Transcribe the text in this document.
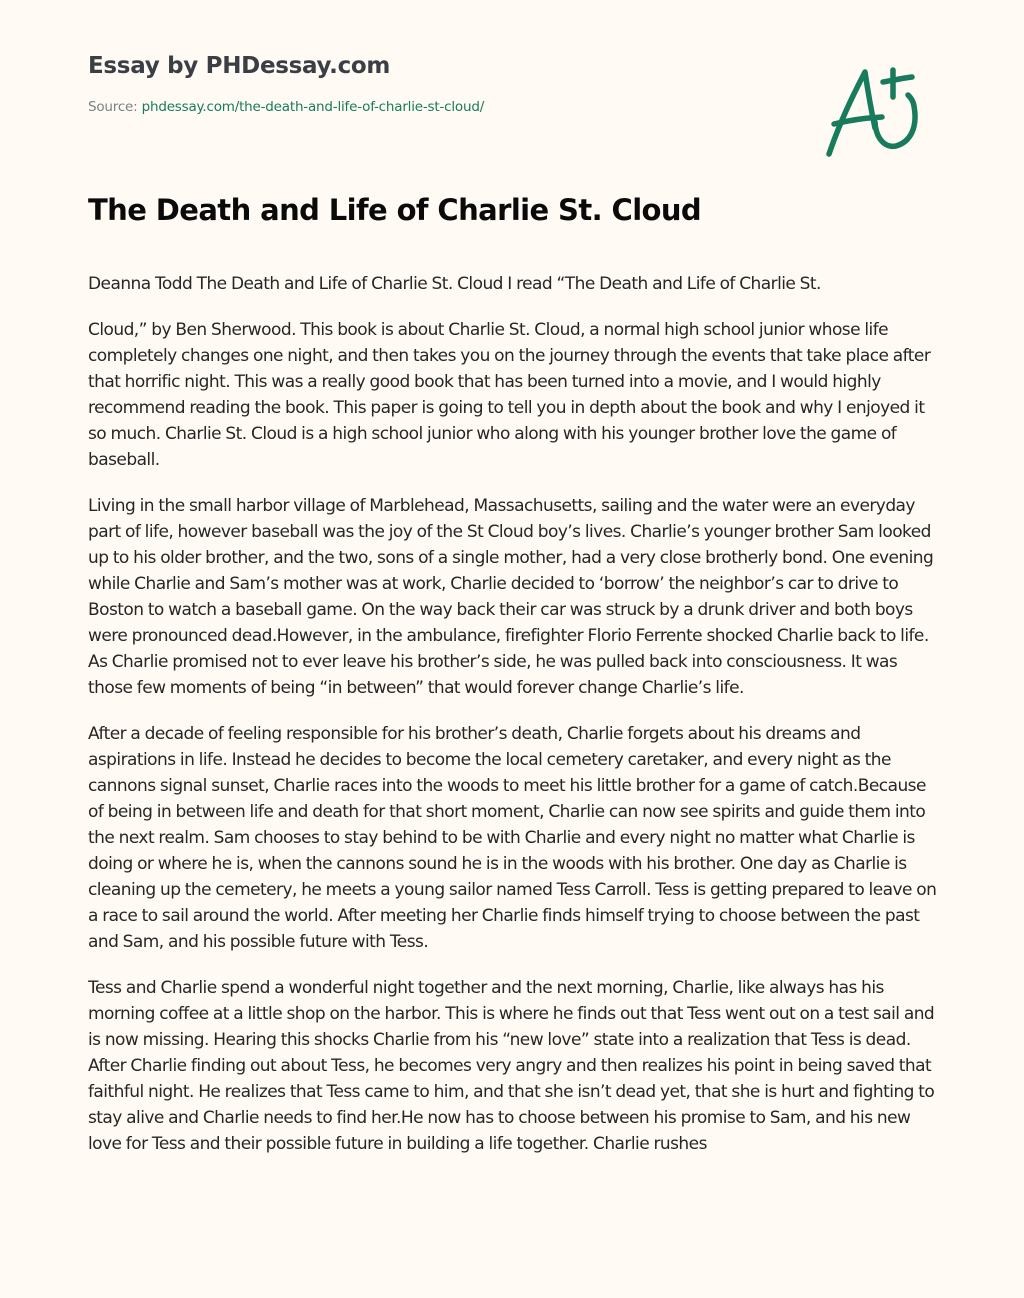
Essay by PHDessay.com
Source: phdessay.com/the-death-and-life-of-charlie-st-cloud/
The Death and Life of Charlie St. Cloud

Deanna Todd The Death and Life of Charlie St. Cloud I read “The Death and Life of Charlie St.

Cloud,” by Ben Sherwood. This book is about Charlie St. Cloud, a normal high school junior whose life completely changes one night, and then takes you on the journey through the events that take place after that horrific night. This was a really good book that has been turned into a movie, and I would highly recommend reading the book. This paper is going to tell you in depth about the book and why I enjoyed it so much. Charlie St. Cloud is a high school junior who along with his younger brother love the game of baseball.

Living in the small harbor village of Marblehead, Massachusetts, sailing and the water were an everyday part of life, however baseball was the joy of the St Cloud boy’s lives. Charlie’s younger brother Sam looked up to his older brother, and the two, sons of a single mother, had a very close brotherly bond. One evening while Charlie and Sam’s mother was at work, Charlie decided to ‘borrow’ the neighbor’s car to drive to Boston to watch a baseball game. On the way back their car was struck by a drunk driver and both boys were pronounced dead.However, in the ambulance, firefighter Florio Ferrente shocked Charlie back to life. As Charlie promised not to ever leave his brother’s side, he was pulled back into consciousness. It was those few moments of being “in between” that would forever change Charlie’s life.

After a decade of feeling responsible for his brother’s death, Charlie forgets about his dreams and aspirations in life. Instead he decides to become the local cemetery caretaker, and every night as the cannons signal sunset, Charlie races into the woods to meet his little brother for a game of catch.Because of being in between life and death for that short moment, Charlie can now see spirits and guide them into the next realm. Sam chooses to stay behind to be with Charlie and every night no matter what Charlie is doing or where he is, when the cannons sound he is in the woods with his brother. One day as Charlie is cleaning up the cemetery, he meets a young sailor named Tess Carroll. Tess is getting prepared to leave on a race to sail around the world. After meeting her Charlie finds himself trying to choose between the past and Sam, and his possible future with Tess.

Tess and Charlie spend a wonderful night together and the next morning, Charlie, like always has his morning coffee at a little shop on the harbor. This is where he finds out that Tess went out on a test sail and is now missing. Hearing this shocks Charlie from his “new love” state into a realization that Tess is dead. After Charlie finding out about Tess, he becomes very angry and then realizes his point in being saved that faithful night. He realizes that Tess came to him, and that she isn’t dead yet, that she is hurt and fighting to stay alive and Charlie needs to find her.He now has to choose between his promise to Sam, and his new love for Tess and their possible future in building a life together. Charlie rushes
